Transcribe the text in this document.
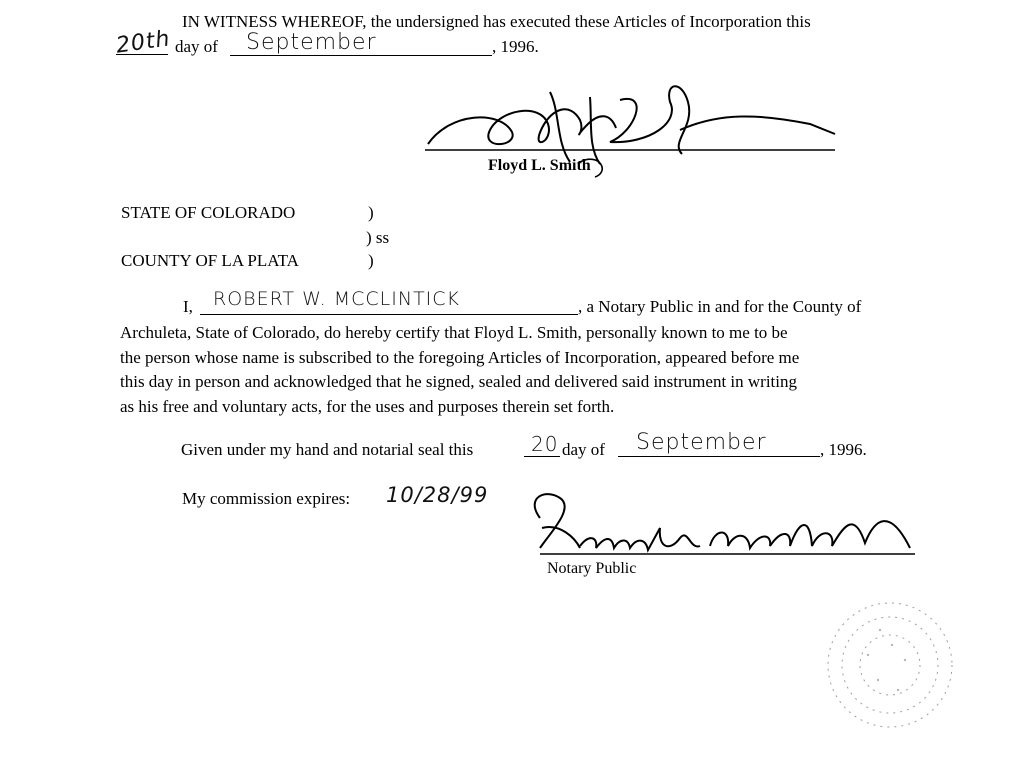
20th
IN WITNESS WHEREOF, the undersigned has executed these Articles of Incorporation this
day of September	, 1996.
Floyd L. Smith
STATE OF COLORADO	)
) ss
COUNTY OF LA PLATA	)
I, ROBERT W. MCCLINTICK	, a Notary Public in and for the County of
Archuleta, State of Colorado, do hereby certify that Floyd L. Smith, personally known to me to be
the person whose name is subscribed to the foregoing Articles of Incorporation, appeared before me
this day in person and acknowledged that he signed, sealed and delivered said instrument in writing
as his free and voluntary acts, for the uses and purposes therein set forth.
Given under my hand and notarial seal this	20 day of September	, 1996.
My commission expires: 10/28/99
Notary Public
